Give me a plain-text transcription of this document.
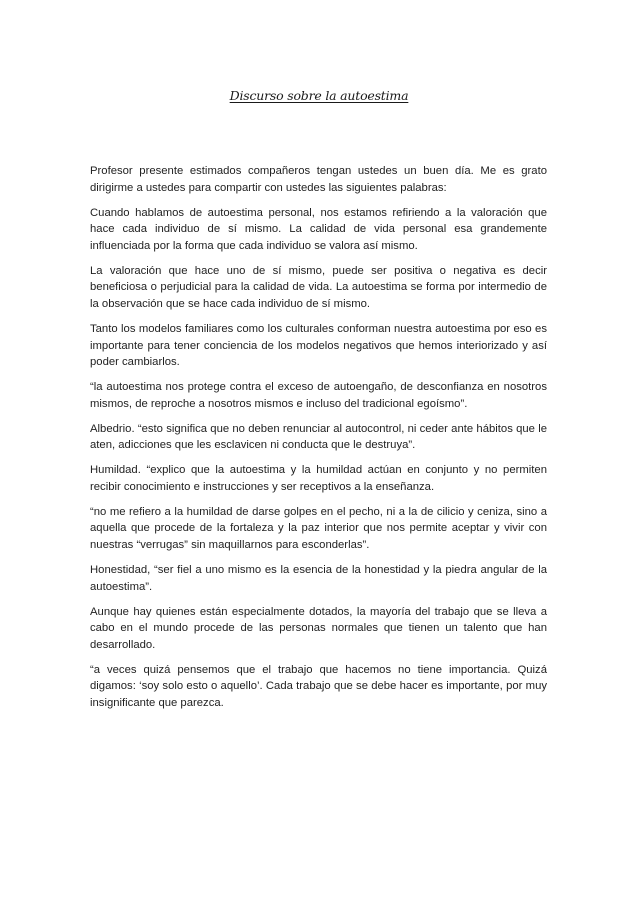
Discurso sobre la autoestima

Profesor presente estimados compañeros tengan ustedes un buen día. Me es grato dirigirme a ustedes para compartir con ustedes las siguientes palabras:

Cuando hablamos de autoestima personal, nos estamos refiriendo a la valoración que hace cada individuo de sí mismo. La calidad de vida personal esa grandemente influenciada por la forma que cada individuo se valora así mismo.

La valoración que hace uno de sí mismo, puede ser positiva o negativa es decir beneficiosa o perjudicial para la calidad de vida. La autoestima se forma por intermedio de la observación que se hace cada individuo de sí mismo.

Tanto los modelos familiares como los culturales conforman nuestra autoestima por eso es importante para tener conciencia de los modelos negativos que hemos interiorizado y así poder cambiarlos.

“la autoestima nos protege contra el exceso de autoengaño, de desconfianza en nosotros mismos, de reproche a nosotros mismos e incluso del tradicional egoísmo”.

Albedrio. “esto significa que no deben renunciar al autocontrol, ni ceder ante hábitos que le aten, adicciones que les esclavicen ni conducta que le destruya”.

Humildad. “explico que la autoestima y la humildad actúan en conjunto y no permiten recibir conocimiento e instrucciones y ser receptivos a la enseñanza.

“no me refiero a la humildad de darse golpes en el pecho, ni a la de cilicio y ceniza, sino a aquella que procede de la fortaleza y la paz interior que nos permite aceptar y vivir con nuestras “verrugas” sin maquillarnos para esconderlas”.

Honestidad, “ser fiel a uno mismo es la esencia de la honestidad y la piedra angular de la autoestima”.

Aunque hay quienes están especialmente dotados, la mayoría del trabajo que se lleva a cabo en el mundo procede de las personas normales que tienen un talento que han desarrollado.

“a veces quizá pensemos que el trabajo que hacemos no tiene importancia. Quizá digamos: ‘soy solo esto o aquello’. Cada trabajo que se debe hacer es importante, por muy insignificante que parezca.
